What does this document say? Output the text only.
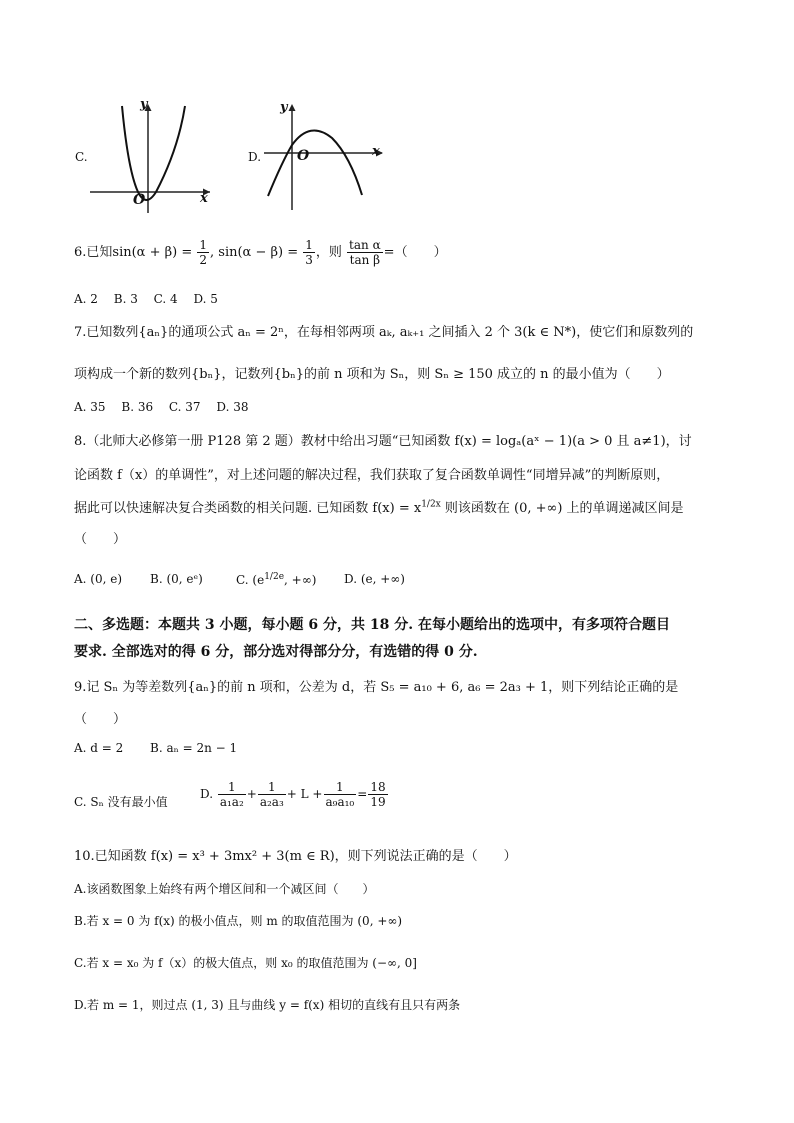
C.
y
x
O
D.
y
x
O
6.已知$\sin(\alpha + \beta) = \frac{1}{2}$ , $\sin(\alpha - \beta) = \frac{1}{3}$ ，则 $\frac{\text{tan α}}{\text{tan β}}$ =（　　）
A. 2　 B. 3　 C. 4　 D. 5
7.已知数列{aₙ}的通项公式 aₙ = 2ⁿ，在每相邻两项 aₖ, aₖ₊₁ 之间插入 2 个 3(k ∈ N*)，使它们和原数列的
项构成一个新的数列{bₙ}，记数列{bₙ}的前 n 项和为 Sₙ，则 Sₙ ≥ 150 成立的 n 的最小值为（　　）
A. 35　 B. 36　 C. 37　 D. 38
8.（北师大必修第一册 P128 第 2 题）教材中给出习题“已知函数 f(x) = logₐ(aˣ − 1)(a > 0 且 a≠1)，讨
论函数 f（x）的单调性”，对上述问题的解决过程，我们获取了复合函数单调性“同增异减”的判断原则，
据此可以快速解决复合类函数的相关问题. 已知函数 $f(x) = x^{1/2x}$ 则该函数在 (0, +∞) 上的单调递减区间是
（　　）
A. (0, e) B. (0, eᵉ)	C. ($e^{1/2e}$, +∞) D. (e, +∞)
二、多选题：本题共 3 小题，每小题 6 分，共 18 分. 在每小题给出的选项中，有多项符合题目
要求. 全部选对的得 6 分，部分选对得部分分，有选错的得 0 分.
9.记 Sₙ 为等差数列{aₙ}的前 n 项和，公差为 d，若 S₅ = a₁₀ + 6, a₆ = 2a₃ + 1，则下列结论正确的是
（　　）
A. d = 2 B. aₙ = 2n − 1
C. Sₙ 没有最小值
D. $\frac{1}{\text{a₁a₂}} + \frac{1}{\text{a₂a₃}} + L + \frac{1}{\text{a₉a₁₀}} = \frac{18}{19}$
10.已知函数 f(x) = x³ + 3mx² + 3(m ∈ R)，则下列说法正确的是（　　）
A.该函数图象上始终有两个增区间和一个减区间（　　）
B.若 x = 0 为 f(x) 的极小值点，则 m 的取值范围为 (0, +∞)
C.若 x = x₀ 为 f（x）的极大值点，则 x₀ 的取值范围为 (−∞, 0]
D.若 m = 1，则过点 (1, 3) 且与曲线 y = f(x) 相切的直线有且只有两条
